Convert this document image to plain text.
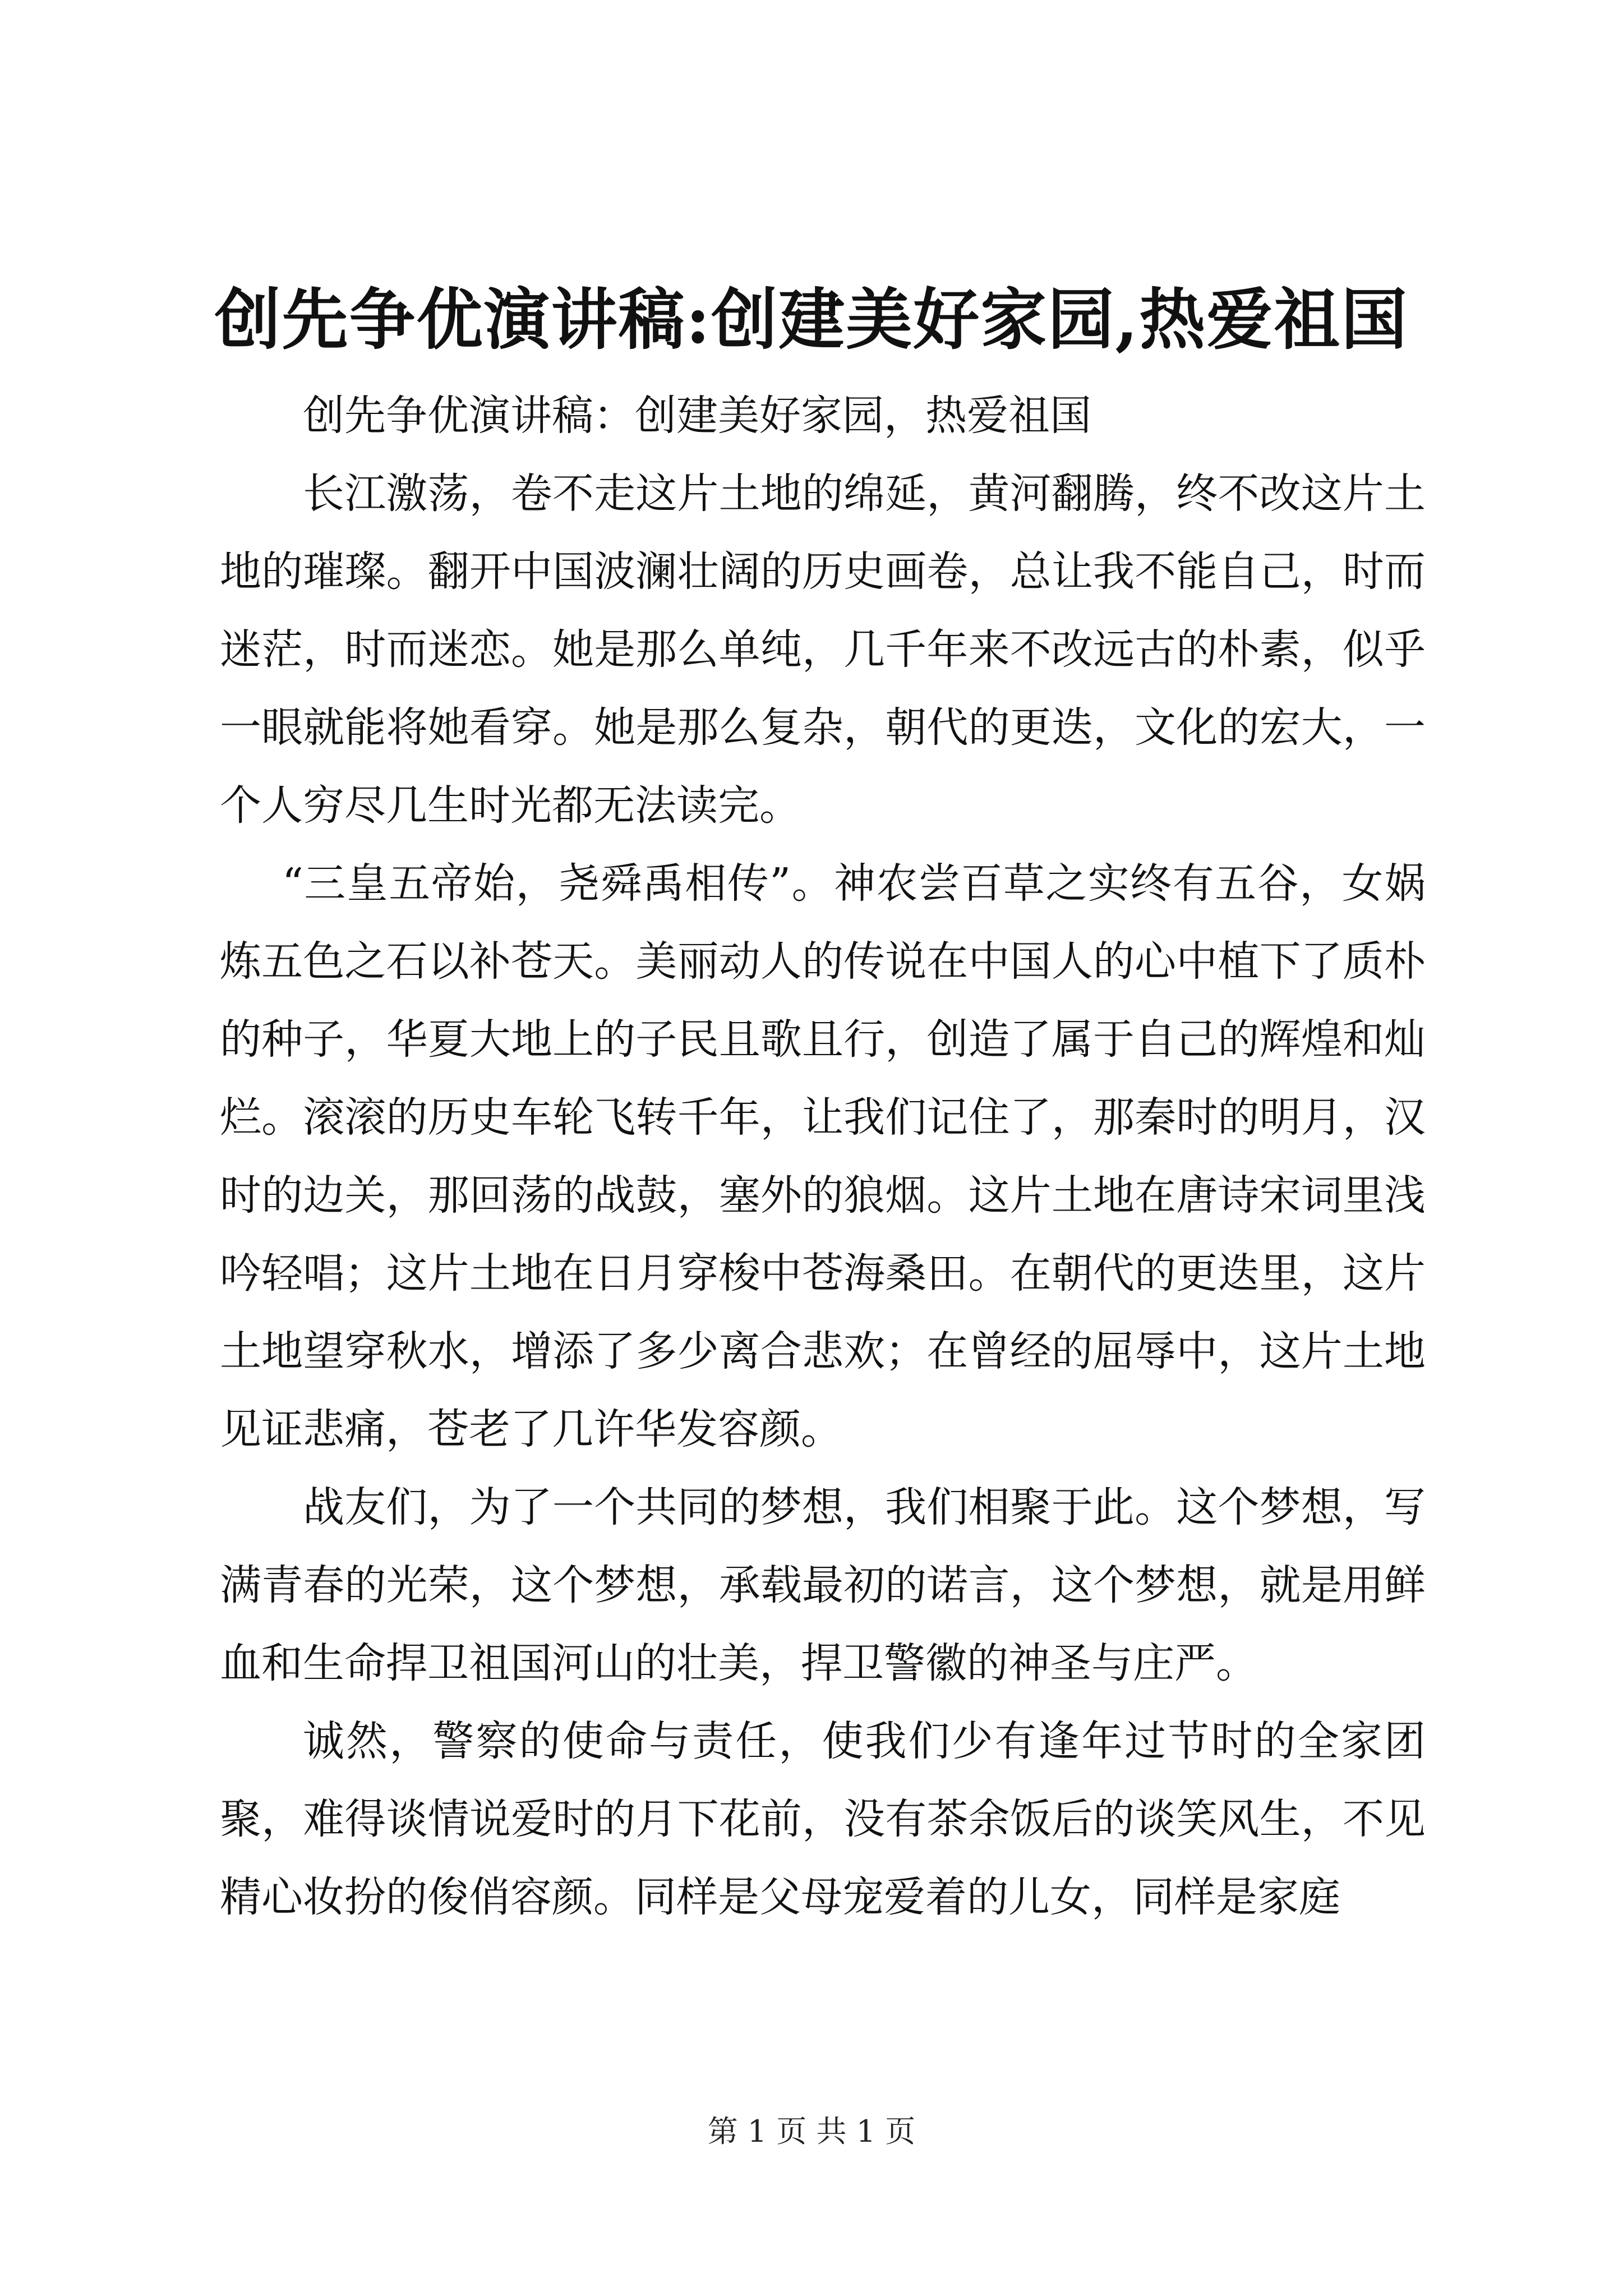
创先争优演讲稿:创建美好家园,热爱祖国

创先争优演讲稿：创建美好家园，热爱祖国

长江激荡，卷不走这片土地的绵延，黄河翻腾，终不改这片土地的璀璨。翻开中国波澜壮阔的历史画卷，总让我不能自己，时而迷茫，时而迷恋。她是那么单纯，几千年来不改远古的朴素，似乎一眼就能将她看穿。她是那么复杂，朝代的更迭，文化的宏大，一个人穷尽几生时光都无法读完。

“三皇五帝始，尧舜禹相传”。神农尝百草之实终有五谷，女娲炼五色之石以补苍天。美丽动人的传说在中国人的心中植下了质朴的种子，华夏大地上的子民且歌且行，创造了属于自己的辉煌和灿烂。滚滚的历史车轮飞转千年，让我们记住了，那秦时的明月，汉时的边关，那回荡的战鼓，塞外的狼烟。这片土地在唐诗宋词里浅吟轻唱；这片土地在日月穿梭中苍海桑田。在朝代的更迭里，这片土地望穿秋水，增添了多少离合悲欢；在曾经的屈辱中，这片土地见证悲痛，苍老了几许华发容颜。

战友们，为了一个共同的梦想，我们相聚于此。这个梦想，写满青春的光荣，这个梦想，承载最初的诺言，这个梦想，就是用鲜血和生命捍卫祖国河山的壮美，捍卫警徽的神圣与庄严。

诚然，警察的使命与责任，使我们少有逢年过节时的全家团聚，难得谈情说爱时的月下花前，没有茶余饭后的谈笑风生，不见精心妆扮的俊俏容颜。同样是父母宠爱着的儿女，同样是家庭

第 1 页 共 1 页
